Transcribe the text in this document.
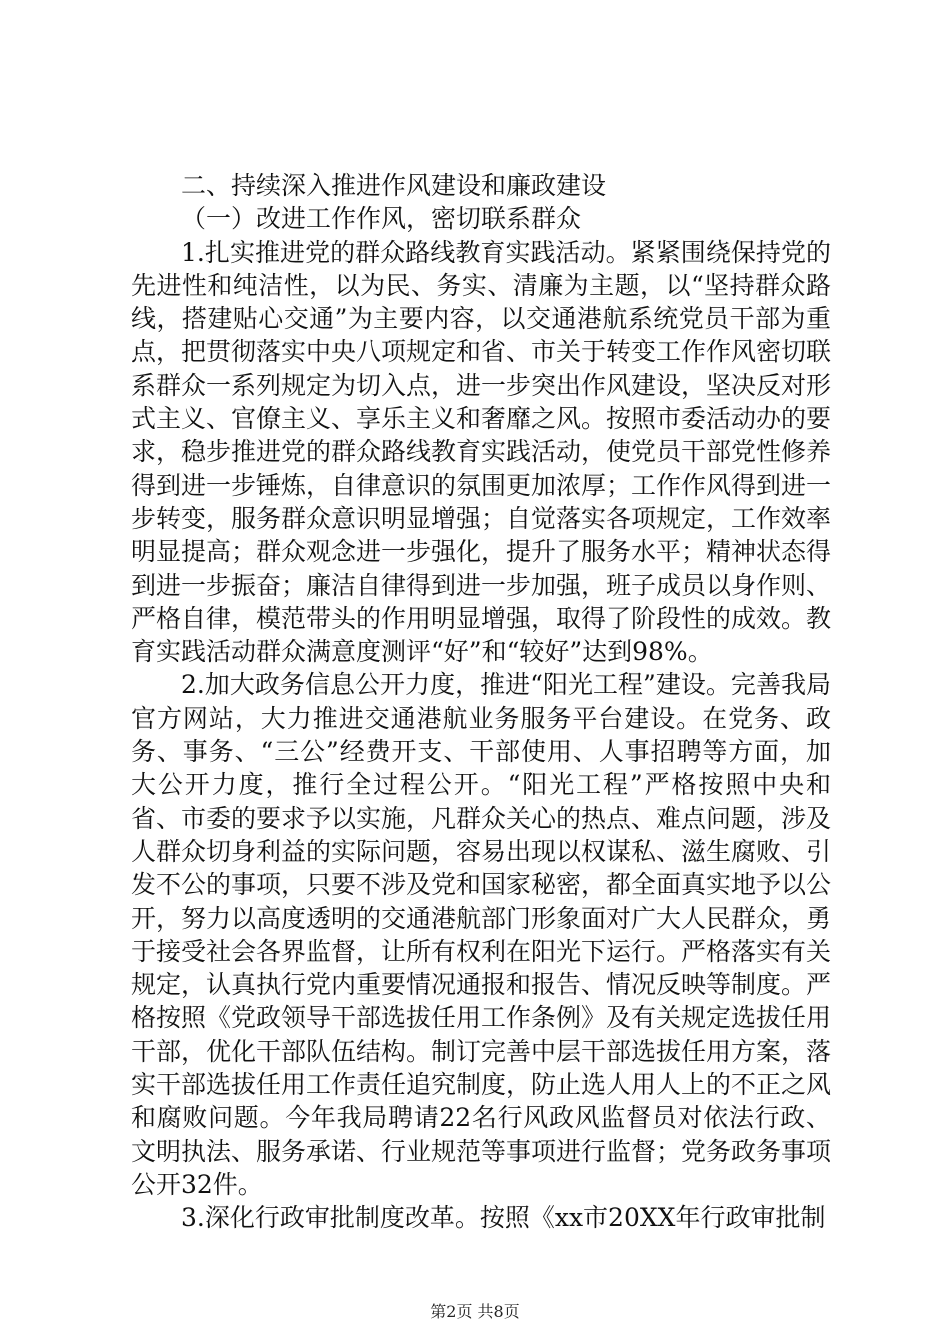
二、持续深入推进作风建设和廉政建设

（一）改进工作作风，密切联系群众

1.扎实推进党的群众路线教育实践活动。紧紧围绕保持党的先进性和纯洁性，以为民、务实、清廉为主题，以“坚持群众路线，搭建贴心交通”为主要内容，以交通港航系统党员干部为重点，把贯彻落实中央八项规定和省、市关于转变工作作风密切联系群众一系列规定为切入点，进一步突出作风建设，坚决反对形式主义、官僚主义、享乐主义和奢靡之风。按照市委活动办的要求，稳步推进党的群众路线教育实践活动，使党员干部党性修养得到进一步锤炼，自律意识的氛围更加浓厚；工作作风得到进一步转变，服务群众意识明显增强；自觉落实各项规定，工作效率明显提高；群众观念进一步强化，提升了服务水平；精神状态得到进一步振奋；廉洁自律得到进一步加强，班子成员以身作则、严格自律，模范带头的作用明显增强，取得了阶段性的成效。教育实践活动群众满意度测评“好”和“较好”达到98%。

2.加大政务信息公开力度，推进“阳光工程”建设。完善我局官方网站，大力推进交通港航业务服务平台建设。在党务、政务、事务、“三公”经费开支、干部使用、人事招聘等方面，加大公开力度，推行全过程公开。“阳光工程”严格按照中央和省、市委的要求予以实施，凡群众关心的热点、难点问题，涉及人群众切身利益的实际问题，容易出现以权谋私、滋生腐败、引发不公的事项，只要不涉及党和国家秘密，都全面真实地予以公开，努力以高度透明的交通港航部门形象面对广大人民群众，勇于接受社会各界监督，让所有权利在阳光下运行。严格落实有关规定，认真执行党内重要情况通报和报告、情况反映等制度。严格按照《党政领导干部选拔任用工作条例》及有关规定选拔任用干部，优化干部队伍结构。制订完善中层干部选拔任用方案，落实干部选拔任用工作责任追究制度，防止选人用人上的不正之风和腐败问题。今年我局聘请22名行风政风监督员对依法行政、文明执法、服务承诺、行业规范等事项进行监督；党务政务事项公开32件。

3.深化行政审批制度改革。按照《xx市20XX年行政审批制

第2页 共8页
